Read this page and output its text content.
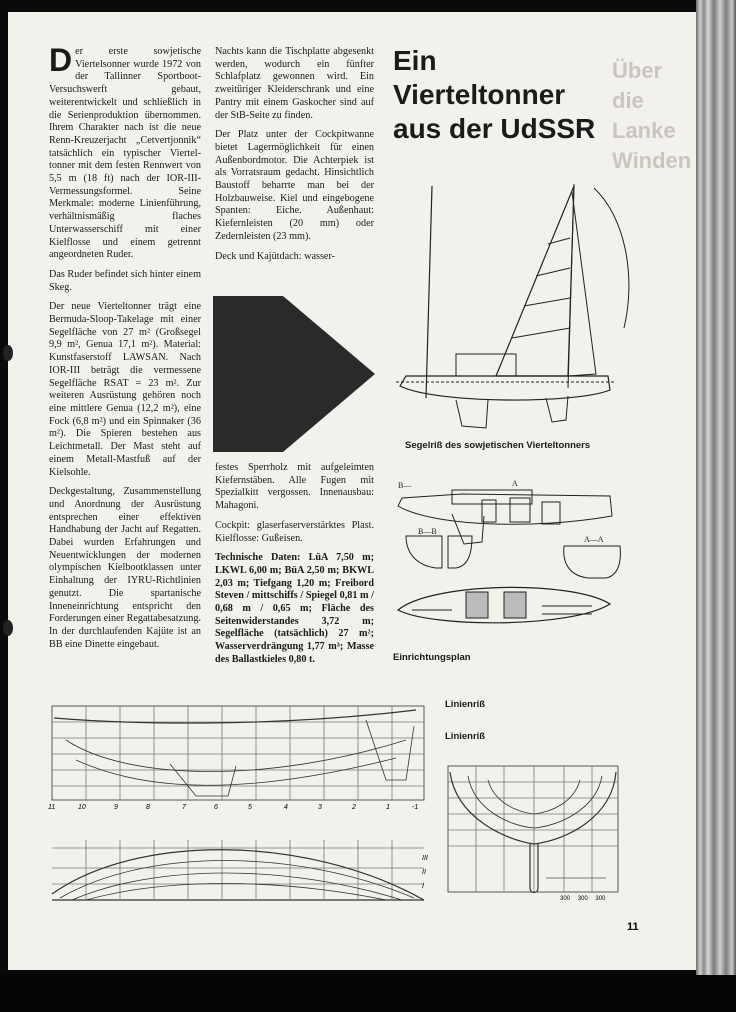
Der erste sowjetische Viertelsonner wurde 1972 von der Tallinner Sportboot-Versuchswerft gebaut, weiterentwickelt und schließlich in die Serienproduktion übernommen. Ihrem Charakter nach ist die neue Renn-Kreuzerjacht „Cetvertjonnik“ tatsächlich ein typischer Vierteltonner mit dem festen Rennwert von 5,5 m (18 ft) nach der IOR-III-Vermessungsformel. Seine Merkmale: moderne Linienführung, verhältnismäßig flaches Unterwasserschiff mit einer Kielflosse und einem getrennt angeordneten Ruder.

Das Ruder befindet sich hinter einem Skeg.

Der neue Vierteltonner trägt eine Bermuda-Sloop-Takelage mit einer Segelfläche von 27 m² (Großsegel 9,9 m², Genua 17,1 m²). Material: Kunstfaserstoff LAWSAN. Nach IOR-III beträgt die vermessene Segelfläche RSAT = 23 m². Zur weiteren Ausrüstung gehören noch eine mittlere Genua (12,2 m²), eine Fock (6,8 m²) und ein Spinnaker (36 m²). Die Spieren bestehen aus Leichtmetall. Der Mast steht auf einem Metall-Mastfuß auf der Kielsohle.

Deckgestaltung, Zusammenstellung und Anordnung der Ausrüstung entsprechen einer effektiven Handhabung der Jacht auf Regatten. Dabei wurden Erfahrungen und Neuentwicklungen der modernen olympischen Kielbootklassen unter Einhaltung der IYRU-Richtlinien genutzt. Die spartanische Inneneinrichtung entspricht den Forderungen einer Regattabesatzung. In der durchlaufenden Kajüte ist an BB eine Dinette eingebaut.

Nachts kann die Tischplatte abgesenkt werden, wodurch ein fünfter Schlafplatz gewonnen wird. Ein zweitüriger Kleiderschrank und eine Pantry mit einem Gaskocher sind auf der StB-Seite zu finden.

Der Platz unter der Cockpitwanne bietet Lagermöglichkeit für einen Außenbordmotor. Die Achterpiek ist als Vorratsraum gedacht. Hinsichtlich Baustoff beharrte man bei der Holzbauweise. Kiel und eingebogene Spanten: Eiche. Außenhaut: Kiefernleisten (20 mm) oder Zedernleisten (23 mm).

Deck und Kajütdach: wasser-

festes Sperrholz mit aufgeleimten Kiefernstäben. Alle Fugen mit Spezialkitt vergossen. Innenausbau: Mahagoni.

Cockpit: glaserfaserverstärktes Plast. Kielflosse: Gußeisen.

Technische Daten: LüA 7,50 m; LKWL 6,00 m; BüA 2,50 m; BKWL 2,03 m; Tiefgang 1,20 m; Freibord Steven / mittschiffs / Spiegel 0,81 m / 0,68 m / 0,65 m; Fläche des Seitenwiderstandes 3,72 m; Segelfläche (tatsächlich) 27 m²; Wasserverdrängung 1,77 m³; Masse des Ballastkieles 0,80 t.

Ein
Vierteltonner
aus der UdSSR
Über die Lanke Winden
Segelriß des sowjetischen Vierteltonners
B—	A
B—B
A—A
Einrichtungsplan
11	10	9	8	7	6	5	4	3	2	1	-1
III
II
I
Linienriß
Linienriß
300 300 300
11
